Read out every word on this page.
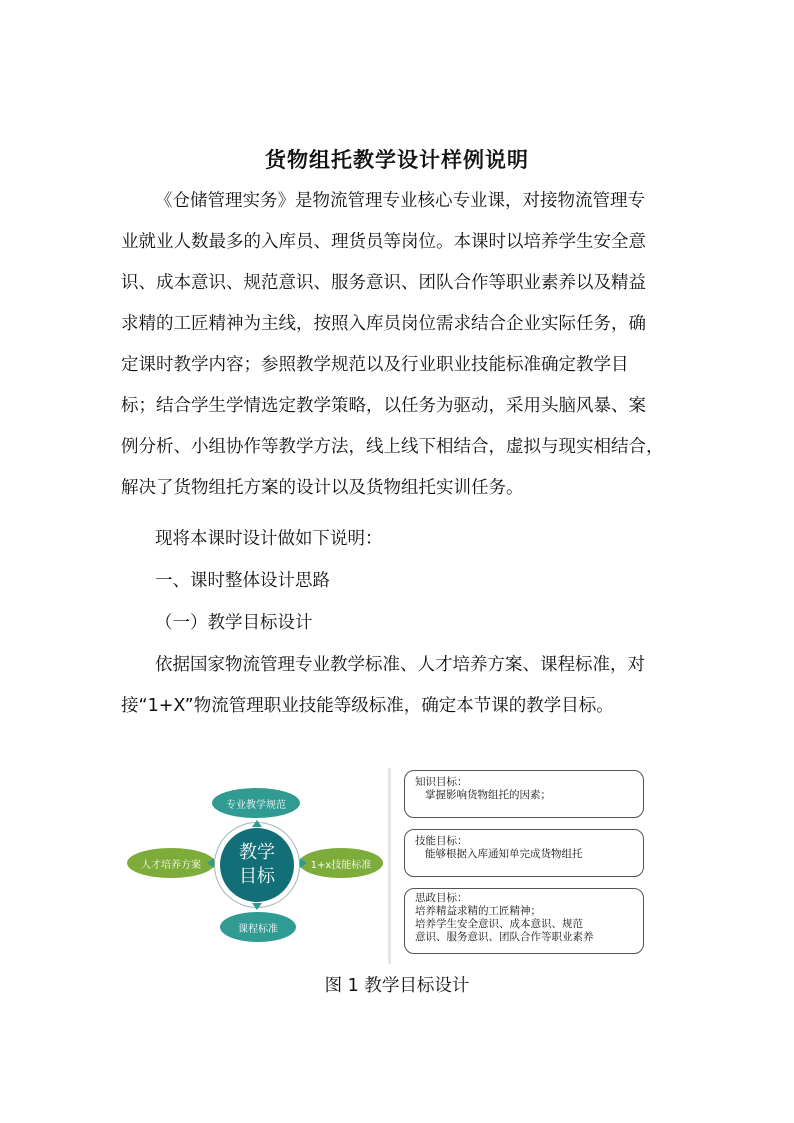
货物组托教学设计样例说明
《仓储管理实务》是物流管理专业核心专业课，对接物流管理专
业就业人数最多的入库员、理货员等岗位。本课时以培养学生安全意
识、成本意识、规范意识、服务意识、团队合作等职业素养以及精益
求精的工匠精神为主线，按照入库员岗位需求结合企业实际任务，确
定课时教学内容；参照教学规范以及行业职业技能标准确定教学目
标；结合学生学情选定教学策略，以任务为驱动，采用头脑风暴、案
例分析、小组协作等教学方法，线上线下相结合，虚拟与现实相结合，
解决了货物组托方案的设计以及货物组托实训任务。
现将本课时设计做如下说明：
一、课时整体设计思路
（一）教学目标设计
依据国家物流管理专业教学标准、人才培养方案、课程标准，对
接“1+X”物流管理职业技能等级标准，确定本节课的教学目标。
教学
目标
专业教学规范
人才培养方案	1+x技能标准
课程标准
知识目标：
掌握影响货物组托的因素；
技能目标：
能够根据入库通知单完成货物组托
思政目标：
培养精益求精的工匠精神；
培养学生安全意识、成本意识、规范
意识、服务意识、团队合作等职业素养
图 1 教学目标设计
